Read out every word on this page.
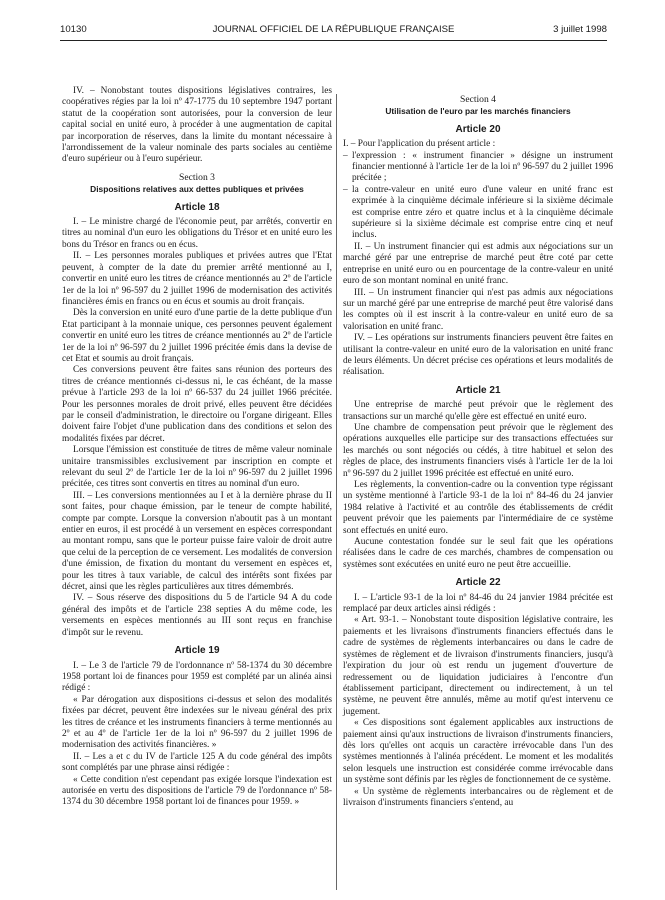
10130	JOURNAL OFFICIEL DE LA RÉPUBLIQUE FRANÇAISE	3 juillet 1998

IV. – Nonobstant toutes dispositions législatives contraires, les coopératives régies par la loi nº 47-1775 du 10 septembre 1947 portant statut de la coopération sont autorisées, pour la conversion de leur capital social en unité euro, à procéder à une augmentation de capital par incorporation de réserves, dans la limite du montant nécessaire à l'arrondissement de la valeur nominale des parts sociales au centième d'euro supérieur ou à l'euro supérieur.

Section 3
Dispositions relatives aux dettes publiques et privées
Article 18

I. – Le ministre chargé de l'économie peut, par arrêtés, convertir en titres au nominal d'un euro les obligations du Trésor et en unité euro les bons du Trésor en francs ou en écus.

II. – Les personnes morales publiques et privées autres que l'Etat peuvent, à compter de la date du premier arrêté mentionné au I, convertir en unité euro les titres de créance mentionnés au 2º de l'article 1er de la loi nº 96-597 du 2 juillet 1996 de modernisation des activités financières émis en francs ou en écus et soumis au droit français.

Dès la conversion en unité euro d'une partie de la dette publique d'un Etat participant à la monnaie unique, ces personnes peuvent également convertir en unité euro les titres de créance mentionnés au 2º de l'article 1er de la loi nº 96-597 du 2 juillet 1996 précitée émis dans la devise de cet Etat et soumis au droit français.

Ces conversions peuvent être faites sans réunion des porteurs des titres de créance mentionnés ci-dessus ni, le cas échéant, de la masse prévue à l'article 293 de la loi nº 66-537 du 24 juillet 1966 précitée. Pour les personnes morales de droit privé, elles peuvent être décidées par le conseil d'administration, le directoire ou l'organe dirigeant. Elles doivent faire l'objet d'une publication dans des conditions et selon des modalités fixées par décret.

Lorsque l'émission est constituée de titres de même valeur nominale unitaire transmissibles exclusivement par inscription en compte et relevant du seul 2º de l'article 1er de la loi nº 96-597 du 2 juillet 1996 précitée, ces titres sont convertis en titres au nominal d'un euro.

III. – Les conversions mentionnées au I et à la dernière phrase du II sont faites, pour chaque émission, par le teneur de compte habilité, compte par compte. Lorsque la conversion n'aboutit pas à un montant entier en euros, il est procédé à un versement en espèces correspondant au montant rompu, sans que le porteur puisse faire valoir de droit autre que celui de la perception de ce versement. Les modalités de conversion d'une émission, de fixation du montant du versement en espèces et, pour les titres à taux variable, de calcul des intérêts sont fixées par décret, ainsi que les règles particulières aux titres démembrés.

IV. – Sous réserve des dispositions du 5 de l'article 94 A du code général des impôts et de l'article 238 septies A du même code, les versements en espèces mentionnés au III sont reçus en franchise d'impôt sur le revenu.

Article 19

I. – Le 3 de l'article 79 de l'ordonnance nº 58-1374 du 30 décembre 1958 portant loi de finances pour 1959 est complété par un alinéa ainsi rédigé :

« Par dérogation aux dispositions ci-dessus et selon des modalités fixées par décret, peuvent être indexées sur le niveau général des prix les titres de créance et les instruments financiers à terme mentionnés au 2º et au 4º de l'article 1er de la loi nº 96-597 du 2 juillet 1996 de modernisation des activités financières. »

II. – Les a et c du IV de l'article 125 A du code général des impôts sont complétés par une phrase ainsi rédigée :

« Cette condition n'est cependant pas exigée lorsque l'indexation est autorisée en vertu des dispositions de l'article 79 de l'ordonnance nº 58-1374 du 30 décembre 1958 portant loi de finances pour 1959. »

Section 4
Utilisation de l'euro par les marchés financiers
Article 20

I. – Pour l'application du présent article :

– l'expression : « instrument financier » désigne un instrument financier mentionné à l'article 1er de la loi nº 96-597 du 2 juillet 1996 précitée ;

– la contre-valeur en unité euro d'une valeur en unité franc est exprimée à la cinquième décimale inférieure si la sixième décimale est comprise entre zéro et quatre inclus et à la cinquième décimale supérieure si la sixième décimale est comprise entre cinq et neuf inclus.

II. – Un instrument financier qui est admis aux négociations sur un marché géré par une entreprise de marché peut être coté par cette entreprise en unité euro ou en pourcentage de la contre-valeur en unité euro de son montant nominal en unité franc.

III. – Un instrument financier qui n'est pas admis aux négociations sur un marché géré par une entreprise de marché peut être valorisé dans les comptes où il est inscrit à la contre-valeur en unité euro de sa valorisation en unité franc.

IV. – Les opérations sur instruments financiers peuvent être faites en utilisant la contre-valeur en unité euro de la valorisation en unité franc de leurs éléments. Un décret précise ces opérations et leurs modalités de réalisation.

Article 21

Une entreprise de marché peut prévoir que le règlement des transactions sur un marché qu'elle gère est effectué en unité euro.

Une chambre de compensation peut prévoir que le règlement des opérations auxquelles elle participe sur des transactions effectuées sur les marchés ou sont négociés ou cédés, à titre habituel et selon des règles de place, des instruments financiers visés à l'article 1er de la loi nº 96-597 du 2 juillet 1996 précitée est effectué en unité euro.

Les règlements, la convention-cadre ou la convention type régissant un système mentionné à l'article 93-1 de la loi nº 84-46 du 24 janvier 1984 relative à l'activité et au contrôle des établissements de crédit peuvent prévoir que les paiements par l'intermédiaire de ce système sont effectués en unité euro.

Aucune contestation fondée sur le seul fait que les opérations réalisées dans le cadre de ces marchés, chambres de compensation ou systèmes sont exécutées en unité euro ne peut être accueillie.

Article 22

I. – L'article 93-1 de la loi nº 84-46 du 24 janvier 1984 précitée est remplacé par deux articles ainsi rédigés :

« Art. 93-1. – Nonobstant toute disposition législative contraire, les paiements et les livraisons d'instruments financiers effectués dans le cadre de systèmes de règlements interbancaires ou dans le cadre de systèmes de règlement et de livraison d'instruments financiers, jusqu'à l'expiration du jour où est rendu un jugement d'ouverture de redressement ou de liquidation judiciaires à l'encontre d'un établissement participant, directement ou indirectement, à un tel système, ne peuvent être annulés, même au motif qu'est intervenu ce jugement.

« Ces dispositions sont également applicables aux instructions de paiement ainsi qu'aux instructions de livraison d'instruments financiers, dès lors qu'elles ont acquis un caractère irrévocable dans l'un des systèmes mentionnés à l'alinéa précédent. Le moment et les modalités selon lesquels une instruction est considérée comme irrévocable dans un système sont définis par les règles de fonctionnement de ce système.

« Un système de règlements interbancaires ou de règlement et de livraison d'instruments financiers s'entend, au
